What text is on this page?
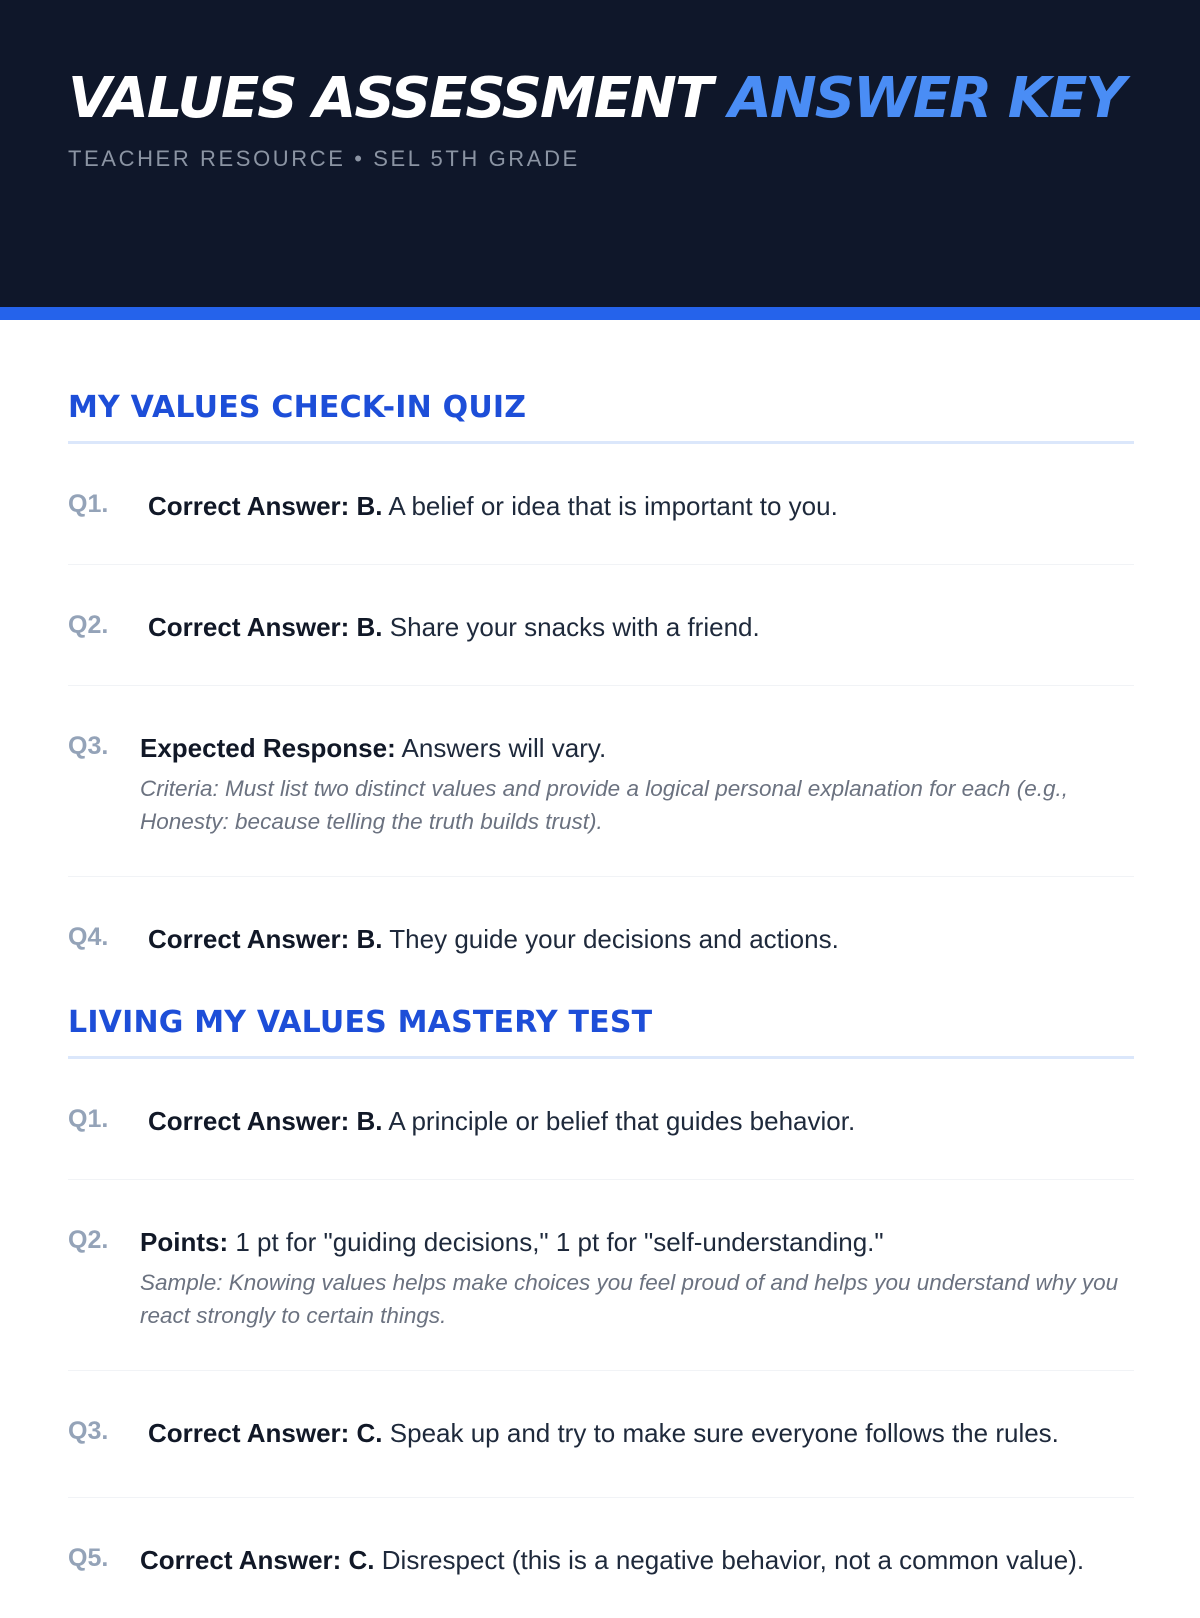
VALUES ASSESSMENT ANSWER KEY
TEACHER RESOURCE • SEL 5TH GRADE
MY VALUES CHECK-IN QUIZ
Q1.	Correct Answer: B. A belief or idea that is important to you.
Q2.	Correct Answer: B. Share your snacks with a friend.
Q3.	Expected Response: Answers will vary.
Criteria: Must list two distinct values and provide a logical personal explanation for each (e.g., Honesty: because telling the truth builds trust).
Q4.	Correct Answer: B. They guide your decisions and actions.
LIVING MY VALUES MASTERY TEST
Q1.	Correct Answer: B. A principle or belief that guides behavior.
Q2.	Points: 1 pt for "guiding decisions," 1 pt for "self-understanding."
Sample: Knowing values helps make choices you feel proud of and helps you understand why you react strongly to certain things.
Q3.	Correct Answer: C. Speak up and try to make sure everyone follows the rules.
Q5.	Correct Answer: C. Disrespect (this is a negative behavior, not a common value).
